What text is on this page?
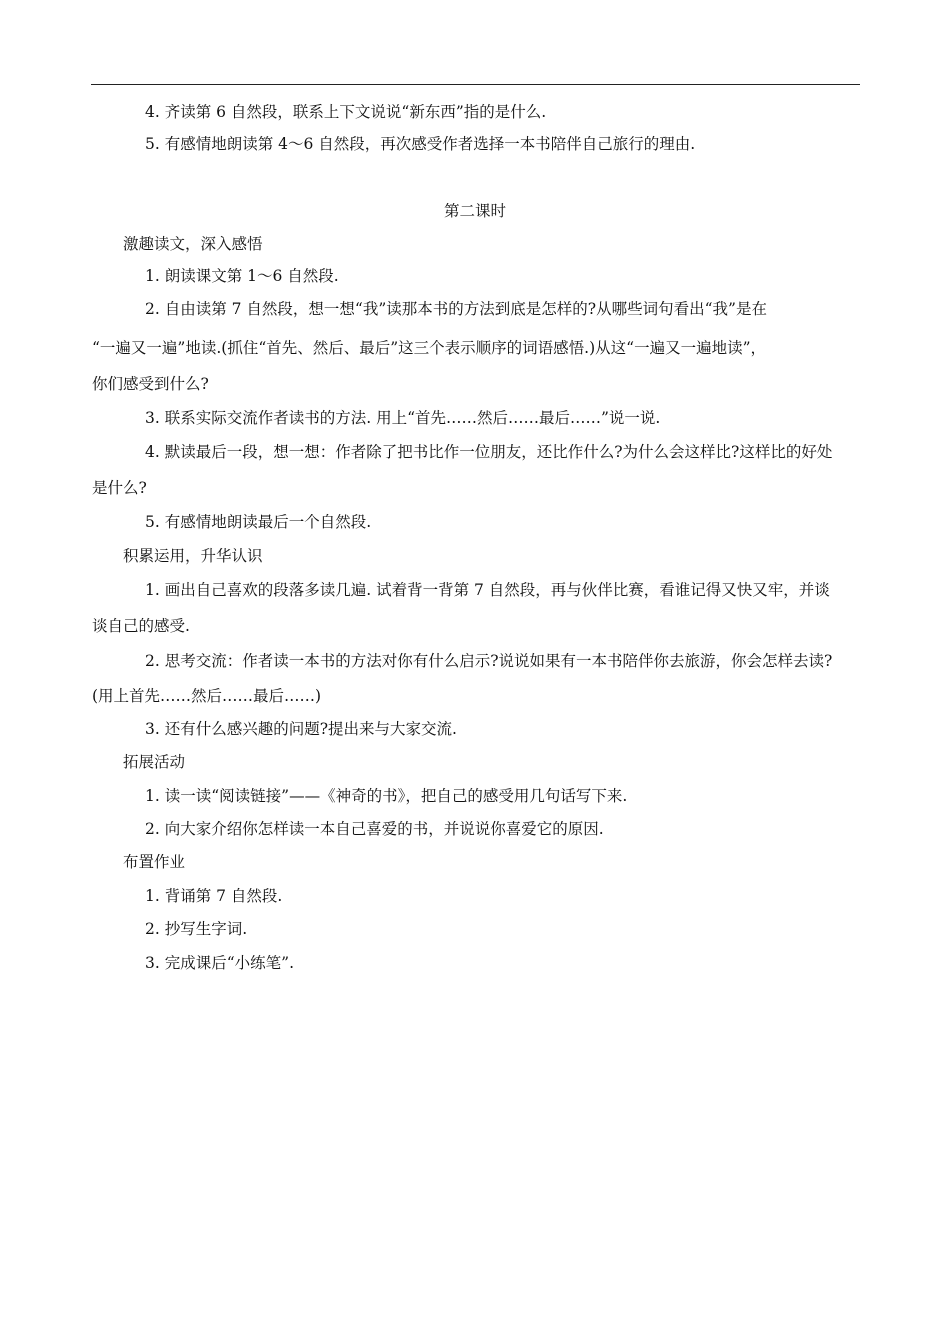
4. 齐读第 6 自然段，联系上下文说说“新东西”指的是什么.
5. 有感情地朗读第 4～6 自然段，再次感受作者选择一本书陪伴自己旅行的理由.
第二课时
激趣读文，深入感悟
1. 朗读课文第 1～6 自然段.
2. 自由读第 7 自然段，想一想“我”读那本书的方法到底是怎样的?从哪些词句看出“我”是在
“一遍又一遍”地读.(抓住“首先、然后、最后”这三个表示顺序的词语感悟.)从这“一遍又一遍地读”，
你们感受到什么?
3. 联系实际交流作者读书的方法. 用上“首先……然后……最后……”说一说.
4. 默读最后一段，想一想：作者除了把书比作一位朋友，还比作什么?为什么会这样比?这样比的好处
是什么?
5. 有感情地朗读最后一个自然段.
积累运用，升华认识
1. 画出自己喜欢的段落多读几遍. 试着背一背第 7 自然段，再与伙伴比赛，看谁记得又快又牢，并谈
谈自己的感受.
2. 思考交流：作者读一本书的方法对你有什么启示?说说如果有一本书陪伴你去旅游，你会怎样去读?
(用上首先……然后……最后……)
3. 还有什么感兴趣的问题?提出来与大家交流.
拓展活动
1. 读一读“阅读链接”——《神奇的书》，把自己的感受用几句话写下来.
2. 向大家介绍你怎样读一本自己喜爱的书，并说说你喜爱它的原因.
布置作业
1. 背诵第 7 自然段.
2. 抄写生字词.
3. 完成课后“小练笔”.
